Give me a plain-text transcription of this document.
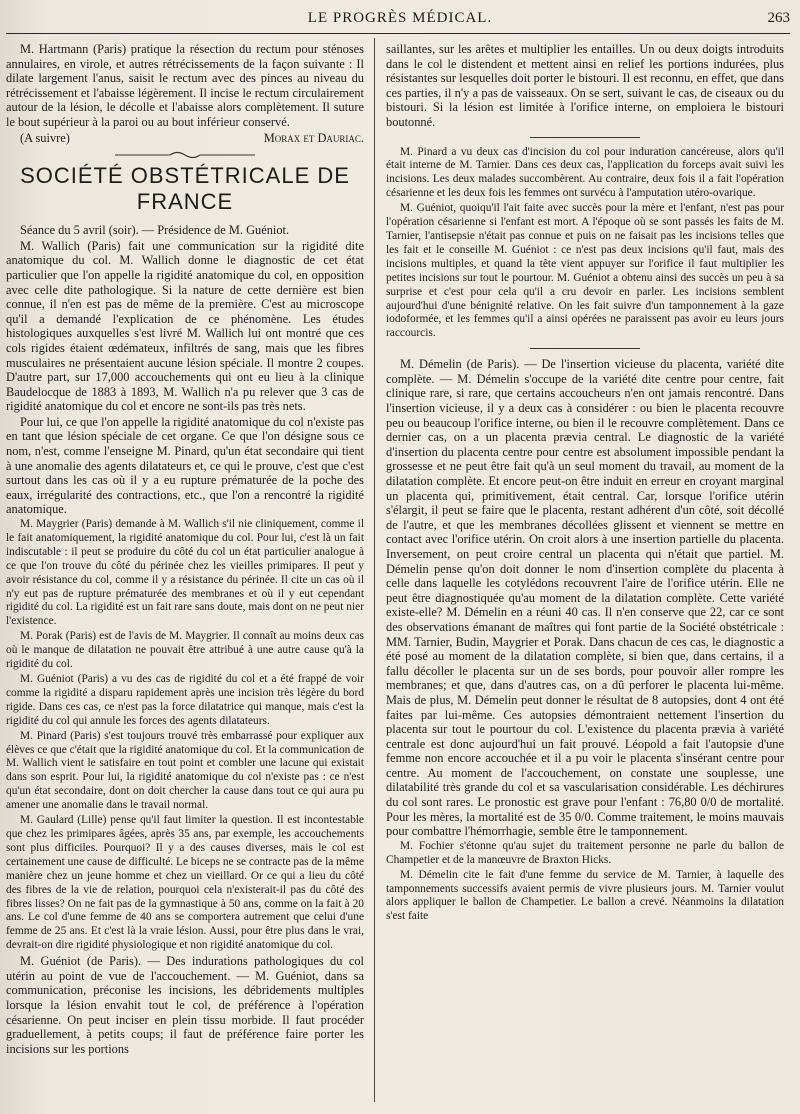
LE PROGRÈS MÉDICAL.	263

M. Hartmann (Paris) pratique la résection du rectum pour sténoses annulaires, en virole, et autres rétrécissements de la façon suivante : Il dilate largement l'anus, saisit le rectum avec des pinces au niveau du rétrécissement et l'abaisse légèrement. Il incise le rectum circulairement autour de la lésion, le décolle et l'abaisse alors complètement. Il suture le bout supérieur à la paroi ou au bout inférieur conservé.

(A suivre)	Morax et Dauriac.

SOCIÉTÉ OBSTÉTRICALE DE FRANCE

Séance du 5 avril (soir). — Présidence de M. Guéniot.

M. Wallich (Paris) fait une communication sur la rigidité dite anatomique du col. M. Wallich donne le diagnostic de cet état particulier que l'on appelle la rigidité anatomique du col, en opposition avec celle dite pathologique. Si la nature de cette dernière est bien connue, il n'en est pas de même de la première. C'est au microscope qu'il a demandé l'explication de ce phénomène. Les études histologiques auxquelles s'est livré M. Wallich lui ont montré que ces cols rigides étaient œdémateux, infiltrés de sang, mais que les fibres musculaires ne présentaient aucune lésion spéciale. Il montre 2 coupes. D'autre part, sur 17,000 accouchements qui ont eu lieu à la clinique Baudelocque de 1883 à 1893, M. Wallich n'a pu relever que 3 cas de rigidité anatomique du col et encore ne sont-ils pas très nets.

Pour lui, ce que l'on appelle la rigidité anatomique du col n'existe pas en tant que lésion spéciale de cet organe. Ce que l'on désigne sous ce nom, n'est, comme l'enseigne M. Pinard, qu'un état secondaire qui tient à une anomalie des agents dilatateurs et, ce qui le prouve, c'est que c'est surtout dans les cas où il y a eu rupture prématurée de la poche des eaux, irrégularité des contractions, etc., que l'on a rencontré la rigidité anatomique.

M. Maygrier (Paris) demande à M. Wallich s'il nie cliniquement, comme il le fait anatomiquement, la rigidité anatomique du col. Pour lui, c'est là un fait indiscutable : il peut se produire du côté du col un état particulier analogue à ce que l'on trouve du côté du périnée chez les vieilles primipares. Il peut y avoir résistance du col, comme il y a résistance du périnée. Il cite un cas où il n'y eut pas de rupture prématurée des membranes et où il y eut cependant rigidité du col. La rigidité est un fait rare sans doute, mais dont on ne peut nier l'existence.

M. Porak (Paris) est de l'avis de M. Maygrier. Il connaît au moins deux cas où le manque de dilatation ne pouvait être attribué à une autre cause qu'à la rigidité du col.

M. Guéniot (Paris) a vu des cas de rigidité du col et a été frappé de voir comme la rigidité a disparu rapidement après une incision très légère du bord rigide. Dans ces cas, ce n'est pas la force dilatatrice qui manque, mais c'est la rigidité du col qui annule les forces des agents dilatateurs.

M. Pinard (Paris) s'est toujours trouvé très embarrassé pour expliquer aux élèves ce que c'était que la rigidité anatomique du col. Et la communication de M. Wallich vient le satisfaire en tout point et combler une lacune qui existait dans son esprit. Pour lui, la rigidité anatomique du col n'existe pas : ce n'est qu'un état secondaire, dont on doit chercher la cause dans tout ce qui aura pu amener une anomalie dans le travail normal.

M. Gaulard (Lille) pense qu'il faut limiter la question. Il est incontestable que chez les primipares âgées, après 35 ans, par exemple, les accouchements sont plus difficiles. Pourquoi? Il y a des causes diverses, mais le col est certainement une cause de difficulté. Le biceps ne se contracte pas de la même manière chez un jeune homme et chez un vieillard. Or ce qui a lieu du côté des fibres de la vie de relation, pourquoi cela n'existerait-il pas du côté des fibres lisses? On ne fait pas de la gymnastique à 50 ans, comme on la fait à 20 ans. Le col d'une femme de 40 ans se comportera autrement que celui d'une femme de 25 ans. Et c'est là la vraie lésion. Aussi, pour être plus dans le vrai, devrait-on dire rigidité physiologique et non rigidité anatomique du col.

M. Guéniot (de Paris). — Des indurations pathologiques du col utérin au point de vue de l'accouchement. — M. Guéniot, dans sa communication, préconise les incisions, les débridements multiples lorsque la lésion envahit tout le col, de préférence à l'opération césarienne. On peut inciser en plein tissu morbide. Il faut procéder graduellement, à petits coups; il faut de préférence faire porter les incisions sur les portions

saillantes, sur les arêtes et multiplier les entailles. Un ou deux doigts introduits dans le col le distendent et mettent ainsi en relief les portions indurées, plus résistantes sur lesquelles doit porter le bistouri. Il est reconnu, en effet, que dans ces parties, il n'y a pas de vaisseaux. On se sert, suivant le cas, de ciseaux ou du bistouri. Si la lésion est limitée à l'orifice interne, on emploiera le bistouri boutonné.

M. Pinard a vu deux cas d'incision du col pour induration cancéreuse, alors qu'il était interne de M. Tarnier. Dans ces deux cas, l'application du forceps avait suivi les incisions. Les deux malades succombèrent. Au contraire, deux fois il a fait l'opération césarienne et les deux fois les femmes ont survécu à l'amputation utéro-ovarique.

M. Guéniot, quoiqu'il l'ait faite avec succès pour la mère et l'enfant, n'est pas pour l'opération césarienne si l'enfant est mort. A l'époque où se sont passés les faits de M. Tarnier, l'antisepsie n'était pas connue et puis on ne faisait pas les incisions telles que les fait et le conseille M. Guéniot : ce n'est pas deux incisions qu'il faut, mais des incisions multiples, et quand la tête vient appuyer sur l'orifice il faut multiplier les petites incisions sur tout le pourtour. M. Guéniot a obtenu ainsi des succès un peu à sa surprise et c'est pour cela qu'il a cru devoir en parler. Les incisions semblent aujourd'hui d'une bénignité relative. On les fait suivre d'un tamponnement à la gaze iodoformée, et les femmes qu'il a ainsi opérées ne paraissent pas avoir eu leurs jours raccourcis.

M. Démelin (de Paris). — De l'insertion vicieuse du placenta, variété dite complète. — M. Démelin s'occupe de la variété dite centre pour centre, fait clinique rare, si rare, que certains accoucheurs n'en ont jamais rencontré. Dans l'insertion vicieuse, il y a deux cas à considérer : ou bien le placenta recouvre peu ou beaucoup l'orifice interne, ou bien il le recouvre complètement. Dans ce dernier cas, on a un placenta prævia central. Le diagnostic de la variété d'insertion du placenta centre pour centre est absolument impossible pendant la grossesse et ne peut être fait qu'à un seul moment du travail, au moment de la dilatation complète. Et encore peut-on être induit en erreur en croyant marginal un placenta qui, primitivement, était central. Car, lorsque l'orifice utérin s'élargit, il peut se faire que le placenta, restant adhérent d'un côté, soit décollé de l'autre, et que les membranes décollées glissent et viennent se mettre en contact avec l'orifice utérin. On croit alors à une insertion partielle du placenta. Inversement, on peut croire central un placenta qui n'était que partiel. M. Démelin pense qu'on doit donner le nom d'insertion complète du placenta à celle dans laquelle les cotylédons recouvrent l'aire de l'orifice utérin. Elle ne peut être diagnostiquée qu'au moment de la dilatation complète. Cette variété existe-elle? M. Démelin en a réuni 40 cas. Il n'en conserve que 22, car ce sont des observations émanant de maîtres qui font partie de la Société obstétricale : MM. Tarnier, Budin, Maygrier et Porak. Dans chacun de ces cas, le diagnostic a été posé au moment de la dilatation complète, si bien que, dans certains, il a fallu décoller le placenta sur un de ses bords, pour pouvoir aller rompre les membranes; et que, dans d'autres cas, on a dû perforer le placenta lui-même. Mais de plus, M. Démelin peut donner le résultat de 8 autopsies, dont 4 ont été faites par lui-même. Ces autopsies démontraient nettement l'insertion du placenta sur tout le pourtour du col. L'existence du placenta prævia à variété centrale est donc aujourd'hui un fait prouvé. Léopold a fait l'autopsie d'une femme non encore accouchée et il a pu voir le placenta s'insérant centre pour centre. Au moment de l'accouchement, on constate une souplesse, une dilatabilité très grande du col et sa vascularisation considérable. Les déchirures du col sont rares. Le pronostic est grave pour l'enfant : 76,80 0/0 de mortalité. Pour les mères, la mortalité est de 35 0/0. Comme traitement, le moins mauvais pour combattre l'hémorrhagie, semble être le tamponnement.

M. Fochier s'étonne qu'au sujet du traitement personne ne parle du ballon de Champetier et de la manœuvre de Braxton Hicks.

M. Démelin cite le fait d'une femme du service de M. Tarnier, à laquelle des tamponnements successifs avaient permis de vivre plusieurs jours. M. Tarnier voulut alors appliquer le ballon de Champetier. Le ballon a crevé. Néanmoins la dilatation s'est faite
